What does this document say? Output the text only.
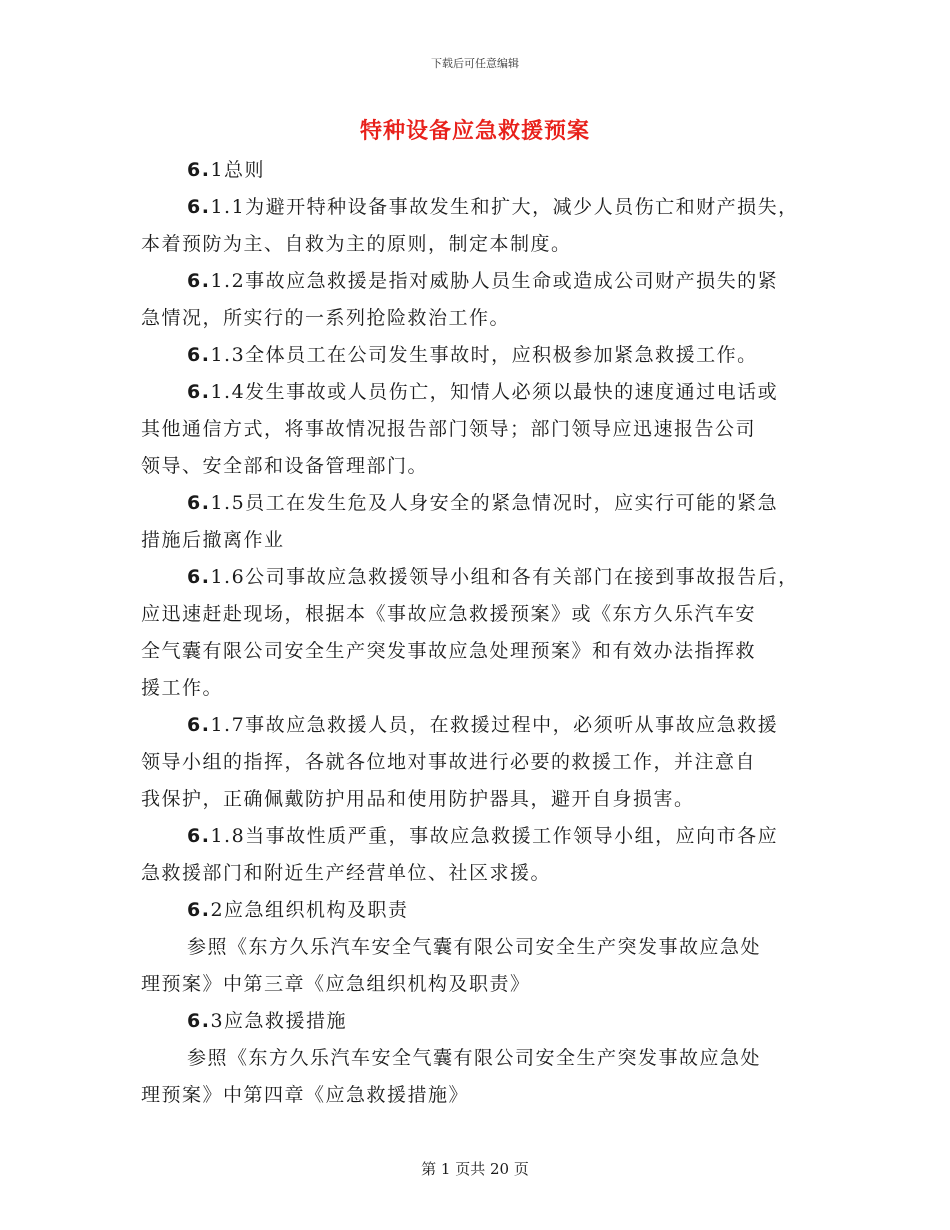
下载后可任意编辑
特种设备应急救援预案
6.1总则
6.1.1为避开特种设备事故发生和扩大，减少人员伤亡和财产损失，
本着预防为主、自救为主的原则，制定本制度。
6.1.2事故应急救援是指对威胁人员生命或造成公司财产损失的紧
急情况，所实行的一系列抢险救治工作。
6.1.3全体员工在公司发生事故时，应积极参加紧急救援工作。
6.1.4发生事故或人员伤亡，知情人必须以最快的速度通过电话或
其他通信方式，将事故情况报告部门领导；部门领导应迅速报告公司
领导、安全部和设备管理部门。
6.1.5员工在发生危及人身安全的紧急情况时，应实行可能的紧急
措施后撤离作业
6.1.6公司事故应急救援领导小组和各有关部门在接到事故报告后，
应迅速赶赴现场，根据本《事故应急救援预案》或《东方久乐汽车安
全气囊有限公司安全生产突发事故应急处理预案》和有效办法指挥救
援工作。
6.1.7事故应急救援人员，在救援过程中，必须听从事故应急救援
领导小组的指挥，各就各位地对事故进行必要的救援工作，并注意自
我保护，正确佩戴防护用品和使用防护器具，避开自身损害。
6.1.8当事故性质严重，事故应急救援工作领导小组，应向市各应
急救援部门和附近生产经营单位、社区求援。
6.2应急组织机构及职责
参照《东方久乐汽车安全气囊有限公司安全生产突发事故应急处
理预案》中第三章《应急组织机构及职责》
6.3应急救援措施
参照《东方久乐汽车安全气囊有限公司安全生产突发事故应急处
理预案》中第四章《应急救援措施》
第 1 页共 20 页
